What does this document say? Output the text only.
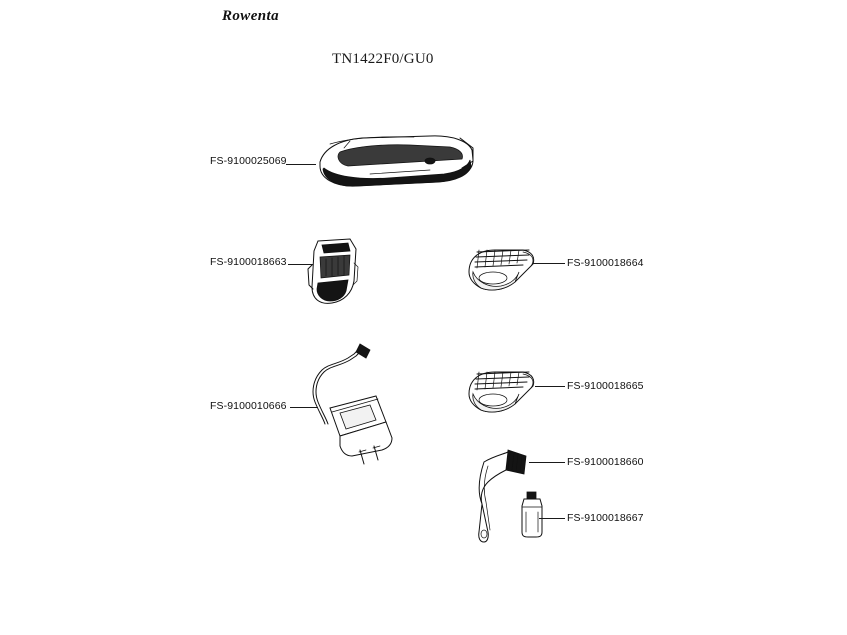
Rowenta
TN1422F0/GU0
FS-9100025069
FS-9100018663	FS-9100018664
FS-9100010666
FS-9100018665
FS-9100018660
FS-9100018667
